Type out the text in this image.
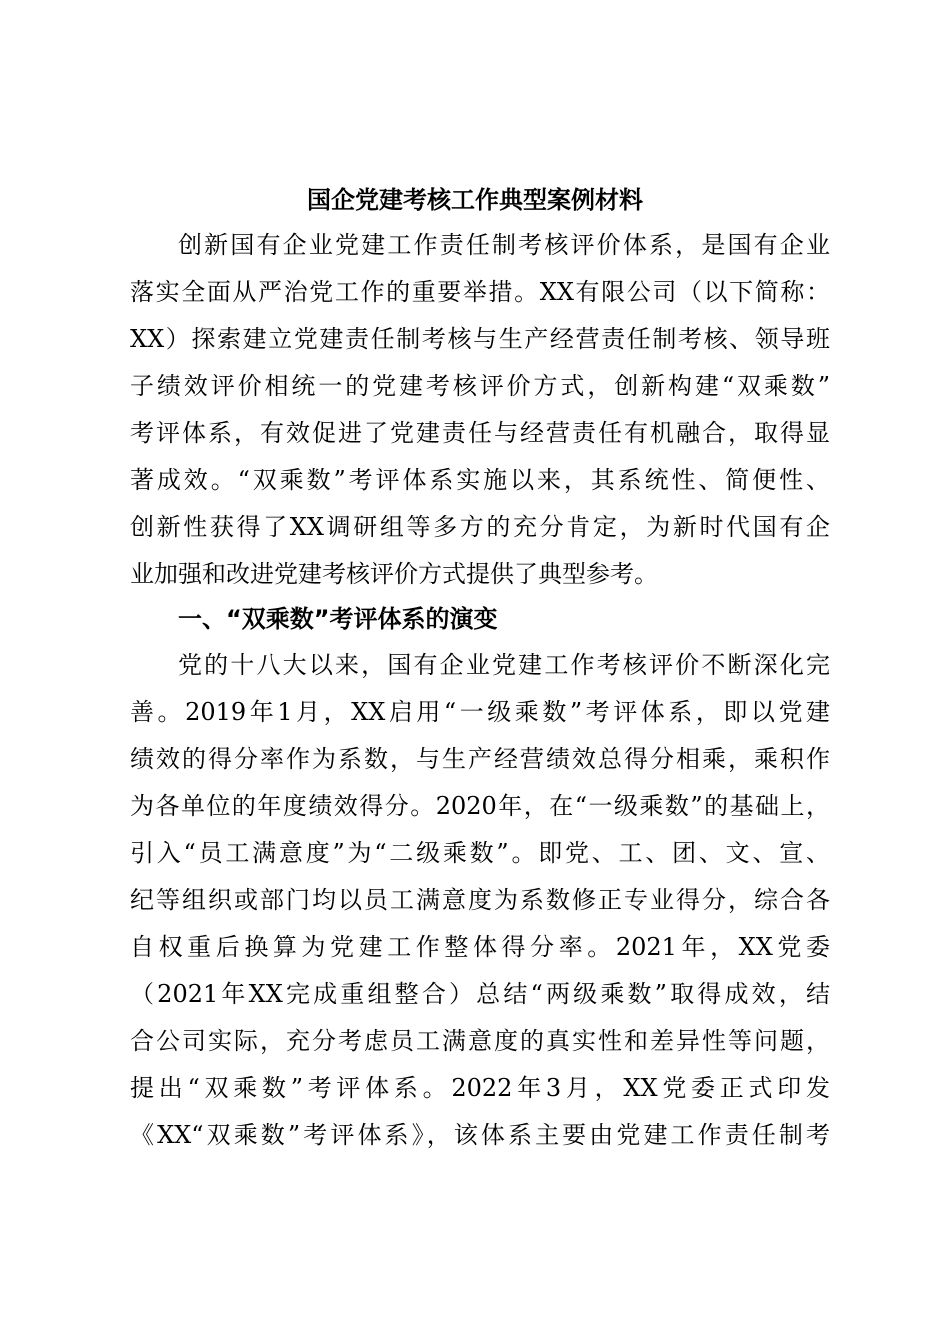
国企党建考核工作典型案例材料
创新国有企业党建工作责任制考核评价体系，是国有企业
落实全面从严治党工作的重要举措。XX有限公司（以下简称：
XX）探索建立党建责任制考核与生产经营责任制考核、领导班
子绩效评价相统一的党建考核评价方式，创新构建“双乘数”
考评体系，有效促进了党建责任与经营责任有机融合，取得显
著成效。“双乘数”考评体系实施以来，其系统性、简便性、
创新性获得了XX调研组等多方的充分肯定，为新时代国有企
业加强和改进党建考核评价方式提供了典型参考。
一、“双乘数”考评体系的演变
党的十八大以来，国有企业党建工作考核评价不断深化完
善。2019年1月，XX启用“一级乘数”考评体系，即以党建
绩效的得分率作为系数，与生产经营绩效总得分相乘，乘积作
为各单位的年度绩效得分。2020年，在“一级乘数”的基础上，
引入“员工满意度”为“二级乘数”。即党、工、团、文、宣、
纪等组织或部门均以员工满意度为系数修正专业得分，综合各
自权重后换算为党建工作整体得分率。2021年，XX党委
（2021年XX完成重组整合）总结“两级乘数”取得成效，结
合公司实际，充分考虑员工满意度的真实性和差异性等问题，
提出“双乘数”考评体系。2022年3月，XX党委正式印发
《XX“双乘数”考评体系》，该体系主要由党建工作责任制考
